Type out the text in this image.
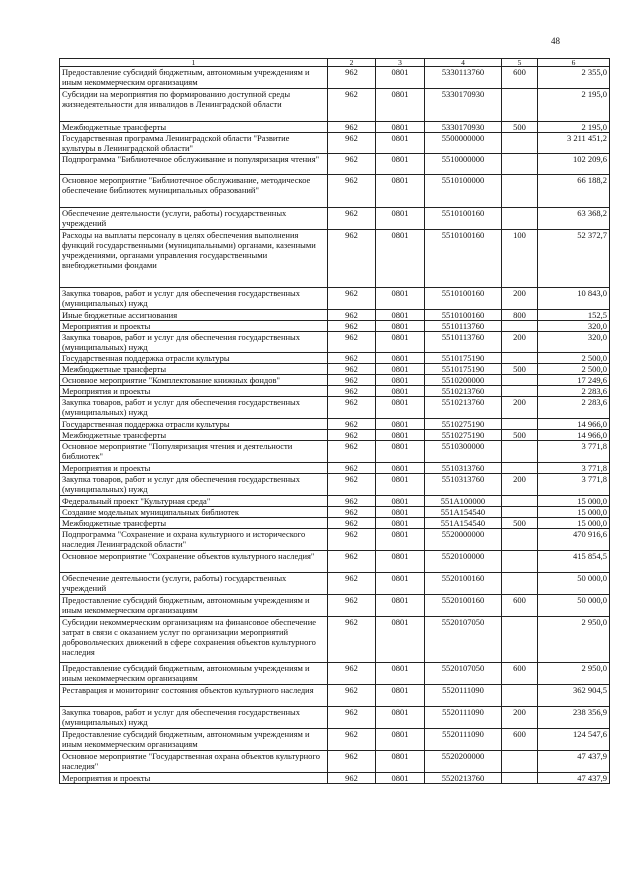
48
1	2	3	4	5	6
Предоставление субсидий бюджетным, автономным учреждениям и иным некоммерческим организациям	962	0801	5330113760	600	2 355,0
Субсидии на мероприятия по формированию доступной среды жизнедеятельности для инвалидов в Ленинградской области	962	0801	5330170930		2 195,0
Межбюджетные трансферты	962	0801	5330170930	500	2 195,0
Государственная программа Ленинградской области "Развитие культуры в Ленинградской области"	962	0801	5500000000		3 211 451,2
Подпрограмма "Библиотечное обслуживание и популяризация чтения"	962	0801	5510000000		102 209,6
Основное мероприятие "Библиотечное обслуживание, методическое обеспечение библиотек муниципальных образований"	962	0801	5510100000		66 188,2
Обеспечение деятельности (услуги, работы) государственных учреждений	962	0801	5510100160		63 368,2
Расходы на выплаты персоналу в целях обеспечения выполнения функций государственными (муниципальными) органами, казенными учреждениями, органами управления государственными внебюджетными фондами	962	0801	5510100160	100	52 372,7
Закупка товаров, работ и услуг для обеспечения государственных (муниципальных) нужд	962	0801	5510100160	200	10 843,0
Иные бюджетные ассигнования	962	0801	5510100160	800	152,5
Мероприятия и проекты	962	0801	5510113760		320,0
Закупка товаров, работ и услуг для обеспечения государственных (муниципальных) нужд	962	0801	5510113760	200	320,0
Государственная поддержка отрасли культуры	962	0801	5510175190		2 500,0
Межбюджетные трансферты	962	0801	5510175190	500	2 500,0
Основное мероприятие "Комплектование книжных фондов"	962	0801	5510200000		17 249,6
Мероприятия и проекты	962	0801	5510213760		2 283,6
Закупка товаров, работ и услуг для обеспечения государственных (муниципальных) нужд	962	0801	5510213760	200	2 283,6
Государственная поддержка отрасли культуры	962	0801	5510275190		14 966,0
Межбюджетные трансферты	962	0801	5510275190	500	14 966,0
Основное мероприятие "Популяризация чтения и деятельности библиотек"	962	0801	5510300000		3 771,8
Мероприятия и проекты	962	0801	5510313760		3 771,8
Закупка товаров, работ и услуг для обеспечения государственных (муниципальных) нужд	962	0801	5510313760	200	3 771,8
Федеральный проект "Культурная среда"	962	0801	551A100000		15 000,0
Создание модельных муниципальных библиотек	962	0801	551A154540		15 000,0
Межбюджетные трансферты	962	0801	551A154540	500	15 000,0
Подпрограмма "Сохранение и охрана культурного и исторического наследия Ленинградской области"	962	0801	5520000000		470 916,6
Основное мероприятие "Сохранение объектов культурного наследия"	962	0801	5520100000		415 854,5
Обеспечение деятельности (услуги, работы) государственных учреждений	962	0801	5520100160		50 000,0
Предоставление субсидий бюджетным, автономным учреждениям и иным некоммерческим организациям	962	0801	5520100160	600	50 000,0
Субсидии некоммерческим организациям на финансовое обеспечение затрат в связи с оказанием услуг по организации мероприятий добровольческих движений в сфере сохранения объектов культурного наследия	962	0801	5520107050		2 950,0
Предоставление субсидий бюджетным, автономным учреждениям и иным некоммерческим организациям	962	0801	5520107050	600	2 950,0
Реставрация и мониторинг состояния объектов культурного наследия	962	0801	5520111090		362 904,5
Закупка товаров, работ и услуг для обеспечения государственных (муниципальных) нужд	962	0801	5520111090	200	238 356,9
Предоставление субсидий бюджетным, автономным учреждениям и иным некоммерческим организациям	962	0801	5520111090	600	124 547,6
Основное мероприятие "Государственная охрана объектов культурного наследия"	962	0801	5520200000		47 437,9
Мероприятия и проекты	962	0801	5520213760		47 437,9
